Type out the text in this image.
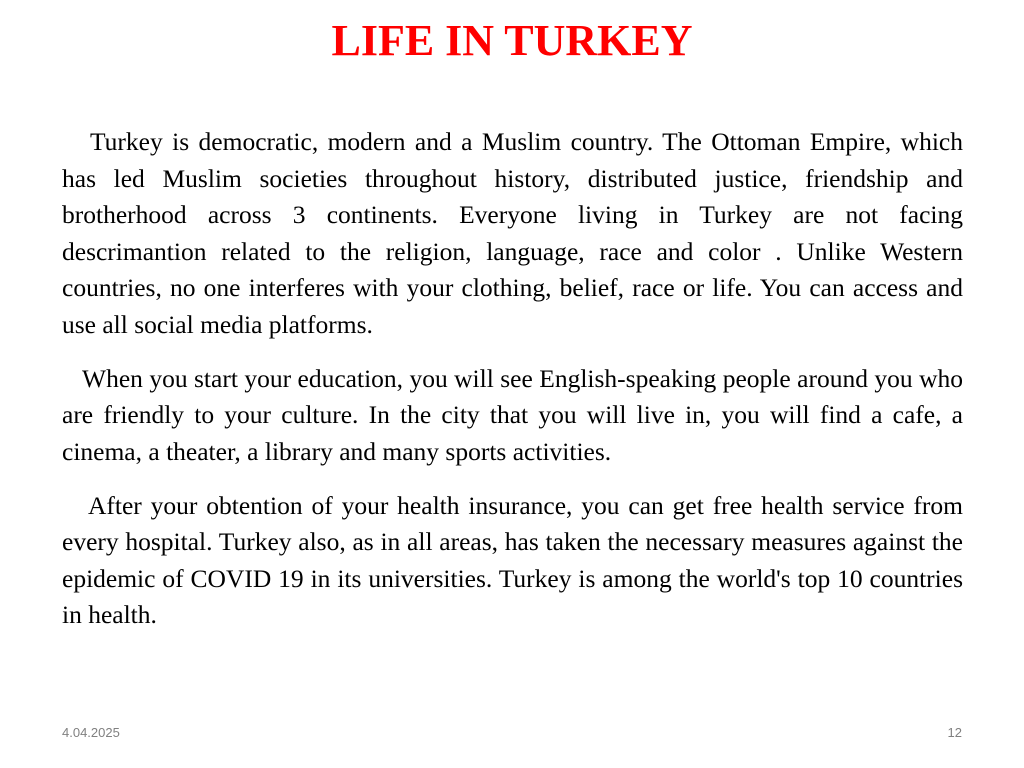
LIFE IN TURKEY

Turkey is democratic, modern and a Muslim country. The Ottoman Empire, which has led Muslim societies throughout history, distributed justice, friendship and brotherhood across 3 continents. Everyone living in Turkey are not facing descrimantion related to the religion, language, race and color . Unlike Western countries, no one interferes with your clothing, belief, race or life. You can access and use all social media platforms.

When you start your education, you will see English-speaking people around you who are friendly to your culture. In the city that you will live in, you will find a cafe, a cinema, a theater, a library and many sports activities.

After your obtention of your health insurance, you can get free health service from every hospital. Turkey also, as in all areas, has taken the necessary measures against the epidemic of COVID 19 in its universities. Turkey is among the world's top 10 countries in health.

4.04.2025	12
